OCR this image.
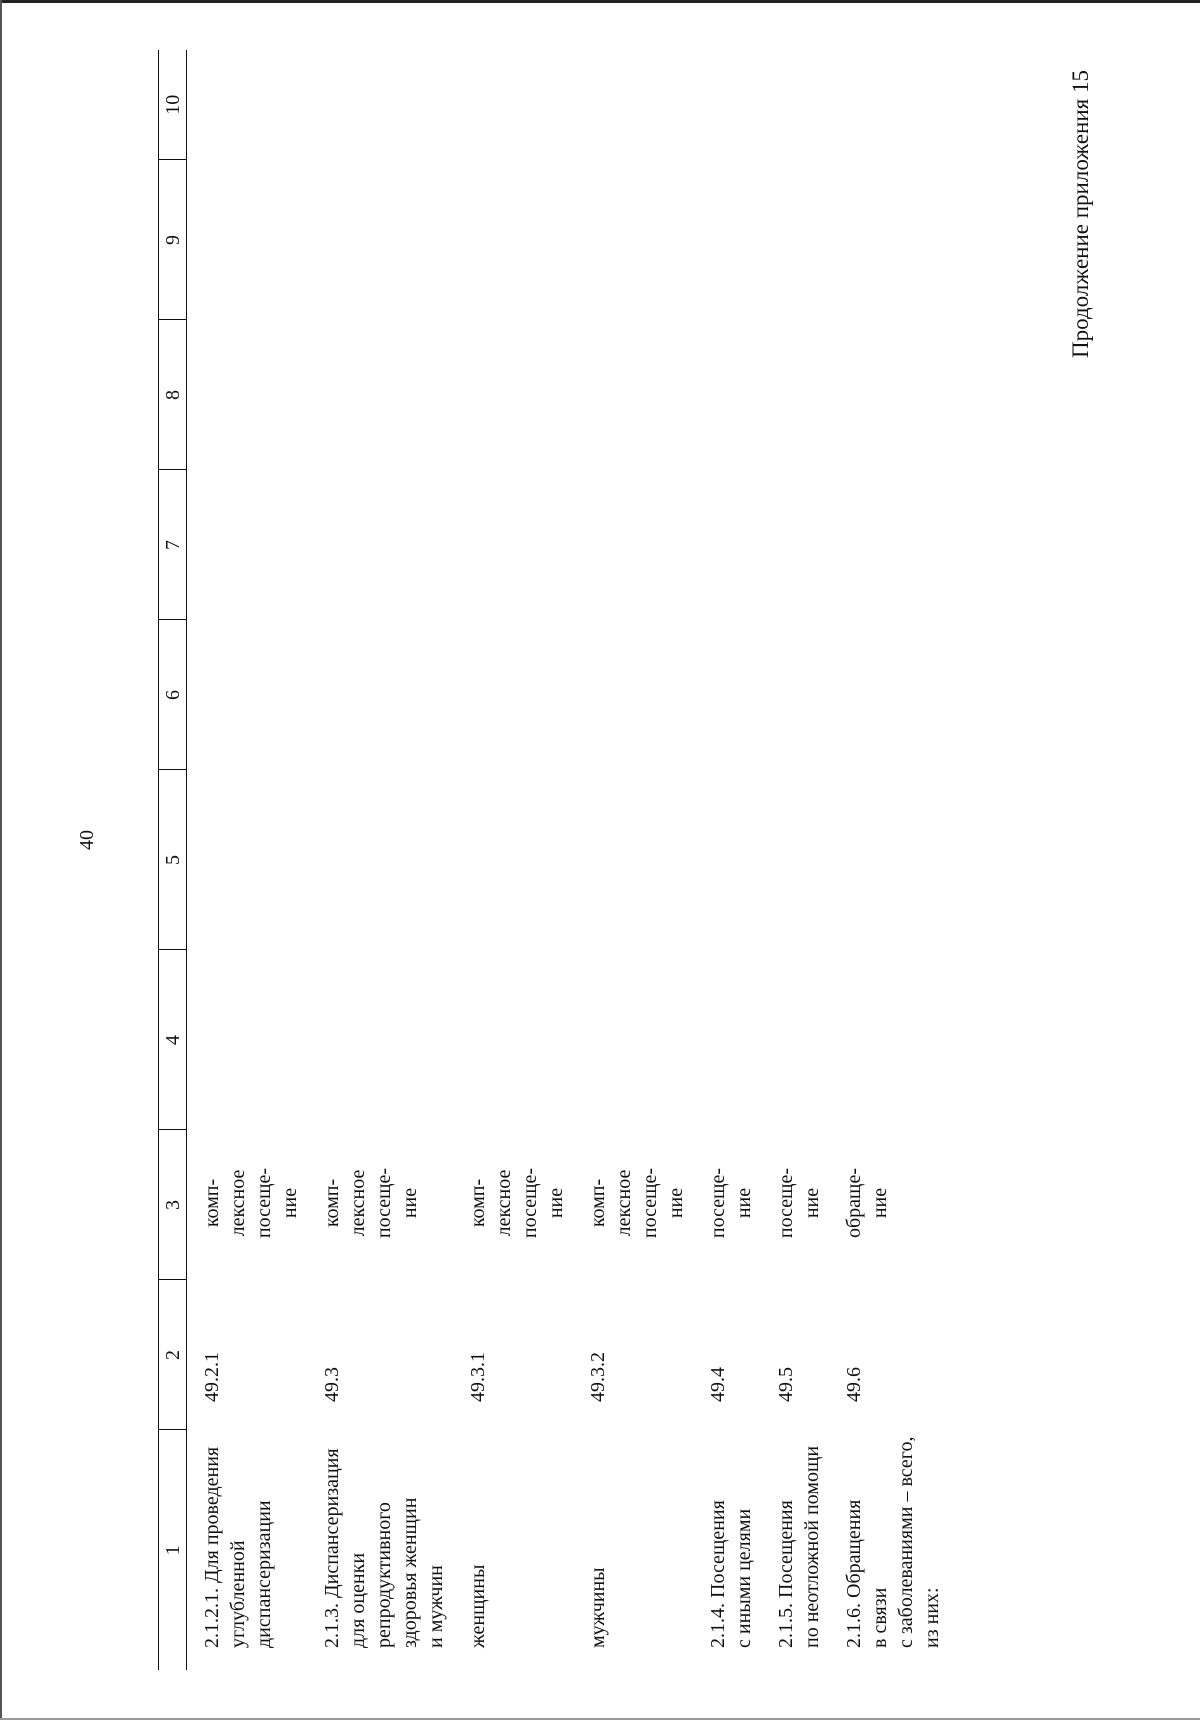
Продолжение приложения 15
40
1	2	3	4	5	6	7	8	9	10
2.1.2.1. Для проведения
углубленной
диспансеризации	49.2.1	комп-
лексное
посеще-
ние							
2.1.3. Диспансеризация
для оценки
репродуктивного
здоровья женщин
и мужчин	49.3	комп-
лексное
посеще-
ние							
женщины	49.3.1	комп-
лексное
посеще-
ние							
мужчины	49.3.2	комп-
лексное
посеще-
ние							
2.1.4. Посещения
с иными целями	49.4	посеще-
ние							
2.1.5. Посещения
по неотложной помощи	49.5	посеще-
ние							
2.1.6. Обращения
в связи
с заболеваниями – всего,
из них:	49.6	обраще-
ние							
